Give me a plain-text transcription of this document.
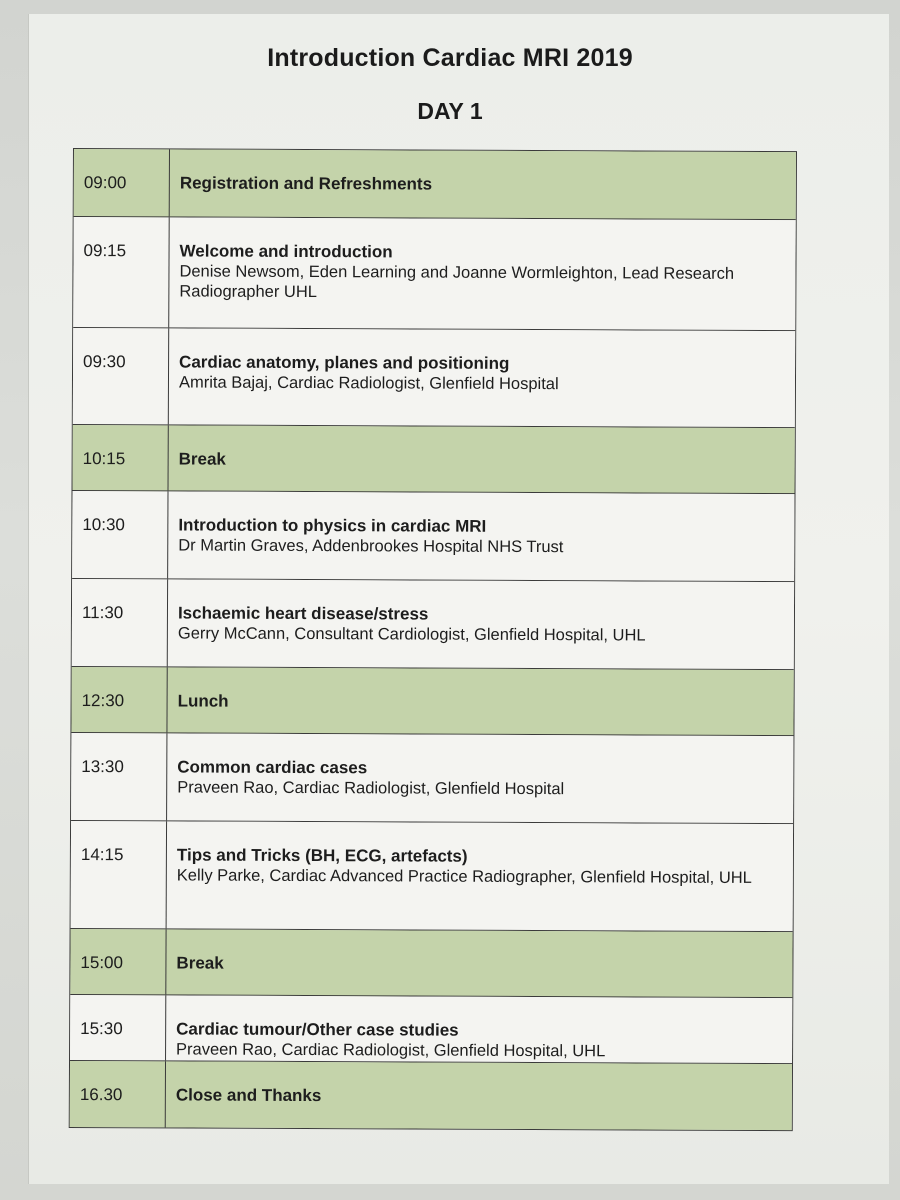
Introduction Cardiac MRI 2019
DAY 1
09:00	Registration and Refreshments
09:15	Welcome and introduction
Denise Newsom, Eden Learning and Joanne Wormleighton, Lead Research Radiographer UHL
09:30	Cardiac anatomy, planes and positioning
Amrita Bajaj, Cardiac Radiologist, Glenfield Hospital
10:15	Break
10:30	Introduction to physics in cardiac MRI
Dr Martin Graves, Addenbrookes Hospital NHS Trust
11:30	Ischaemic heart disease/stress
Gerry McCann, Consultant Cardiologist, Glenfield Hospital, UHL
12:30	Lunch
13:30	Common cardiac cases
Praveen Rao, Cardiac Radiologist, Glenfield Hospital
14:15	Tips and Tricks (BH, ECG, artefacts)
Kelly Parke, Cardiac Advanced Practice Radiographer, Glenfield Hospital, UHL
15:00	Break
15:30	Cardiac tumour/Other case studies
Praveen Rao, Cardiac Radiologist, Glenfield Hospital, UHL
16.30	Close and Thanks
